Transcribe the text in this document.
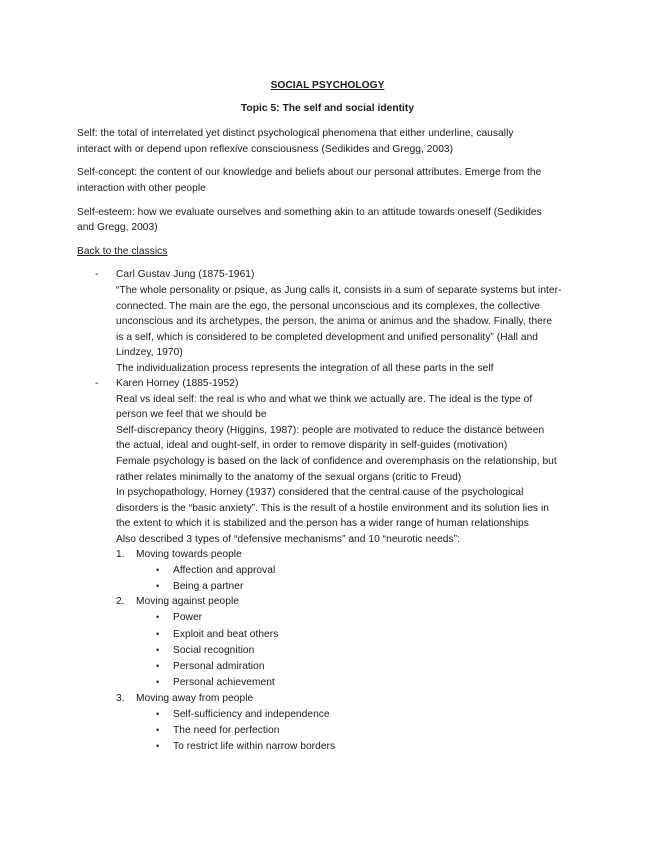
SOCIAL PSYCHOLOGY
Topic 5: The self and social identity
Self: the total of interrelated yet distinct psychological phenomena that either underline, causally
interact with or depend upon reflexive consciousness (Sedikides and Gregg, 2003)
Self-concept: the content of our knowledge and beliefs about our personal attributes. Emerge from the
interaction with other people
Self-esteem: how we evaluate ourselves and something akin to an attitude towards oneself (Sedikides
and Gregg, 2003)
Back to the classics
- Carl Gustav Jung (1875-1961)
“The whole personality or psique, as Jung calls it, consists in a sum of separate systems but inter-
connected. The main are the ego, the personal unconscious and its complexes, the collective
unconscious and its archetypes, the person, the anima or animus and the shadow. Finally, there
is a self, which is considered to be completed development and unified personality” (Hall and
Lindzey, 1970)
The individualization process represents the integration of all these parts in the self
- Karen Horney (1885-1952)
Real vs ideal self: the real is who and what we think we actually are. The ideal is the type of
person we feel that we should be
Self-discrepancy theory (Higgins, 1987): people are motivated to reduce the distance between
the actual, ideal and ought-self, in order to remove disparity in self-guides (motivation)
Female psychology is based on the lack of confidence and overemphasis on the relationship, but
rather relates minimally to the anatomy of the sexual organs (critic to Freud)
In psychopathology, Horney (1937) considered that the central cause of the psychological
disorders is the “basic anxiety”. This is the result of a hostile environment and its solution lies in
the extent to which it is stabilized and the person has a wider range of human relationships
Also described 3 types of “defensive mechanisms” and 10 “neurotic needs”:
1. Moving towards people
• Affection and approval
• Being a partner
2. Moving against people
• Power
• Exploit and beat others
• Social recognition
• Personal admiration
• Personal achievement
3. Moving away from people
• Self-sufficiency and independence
• The need for perfection
• To restrict life within narrow borders
